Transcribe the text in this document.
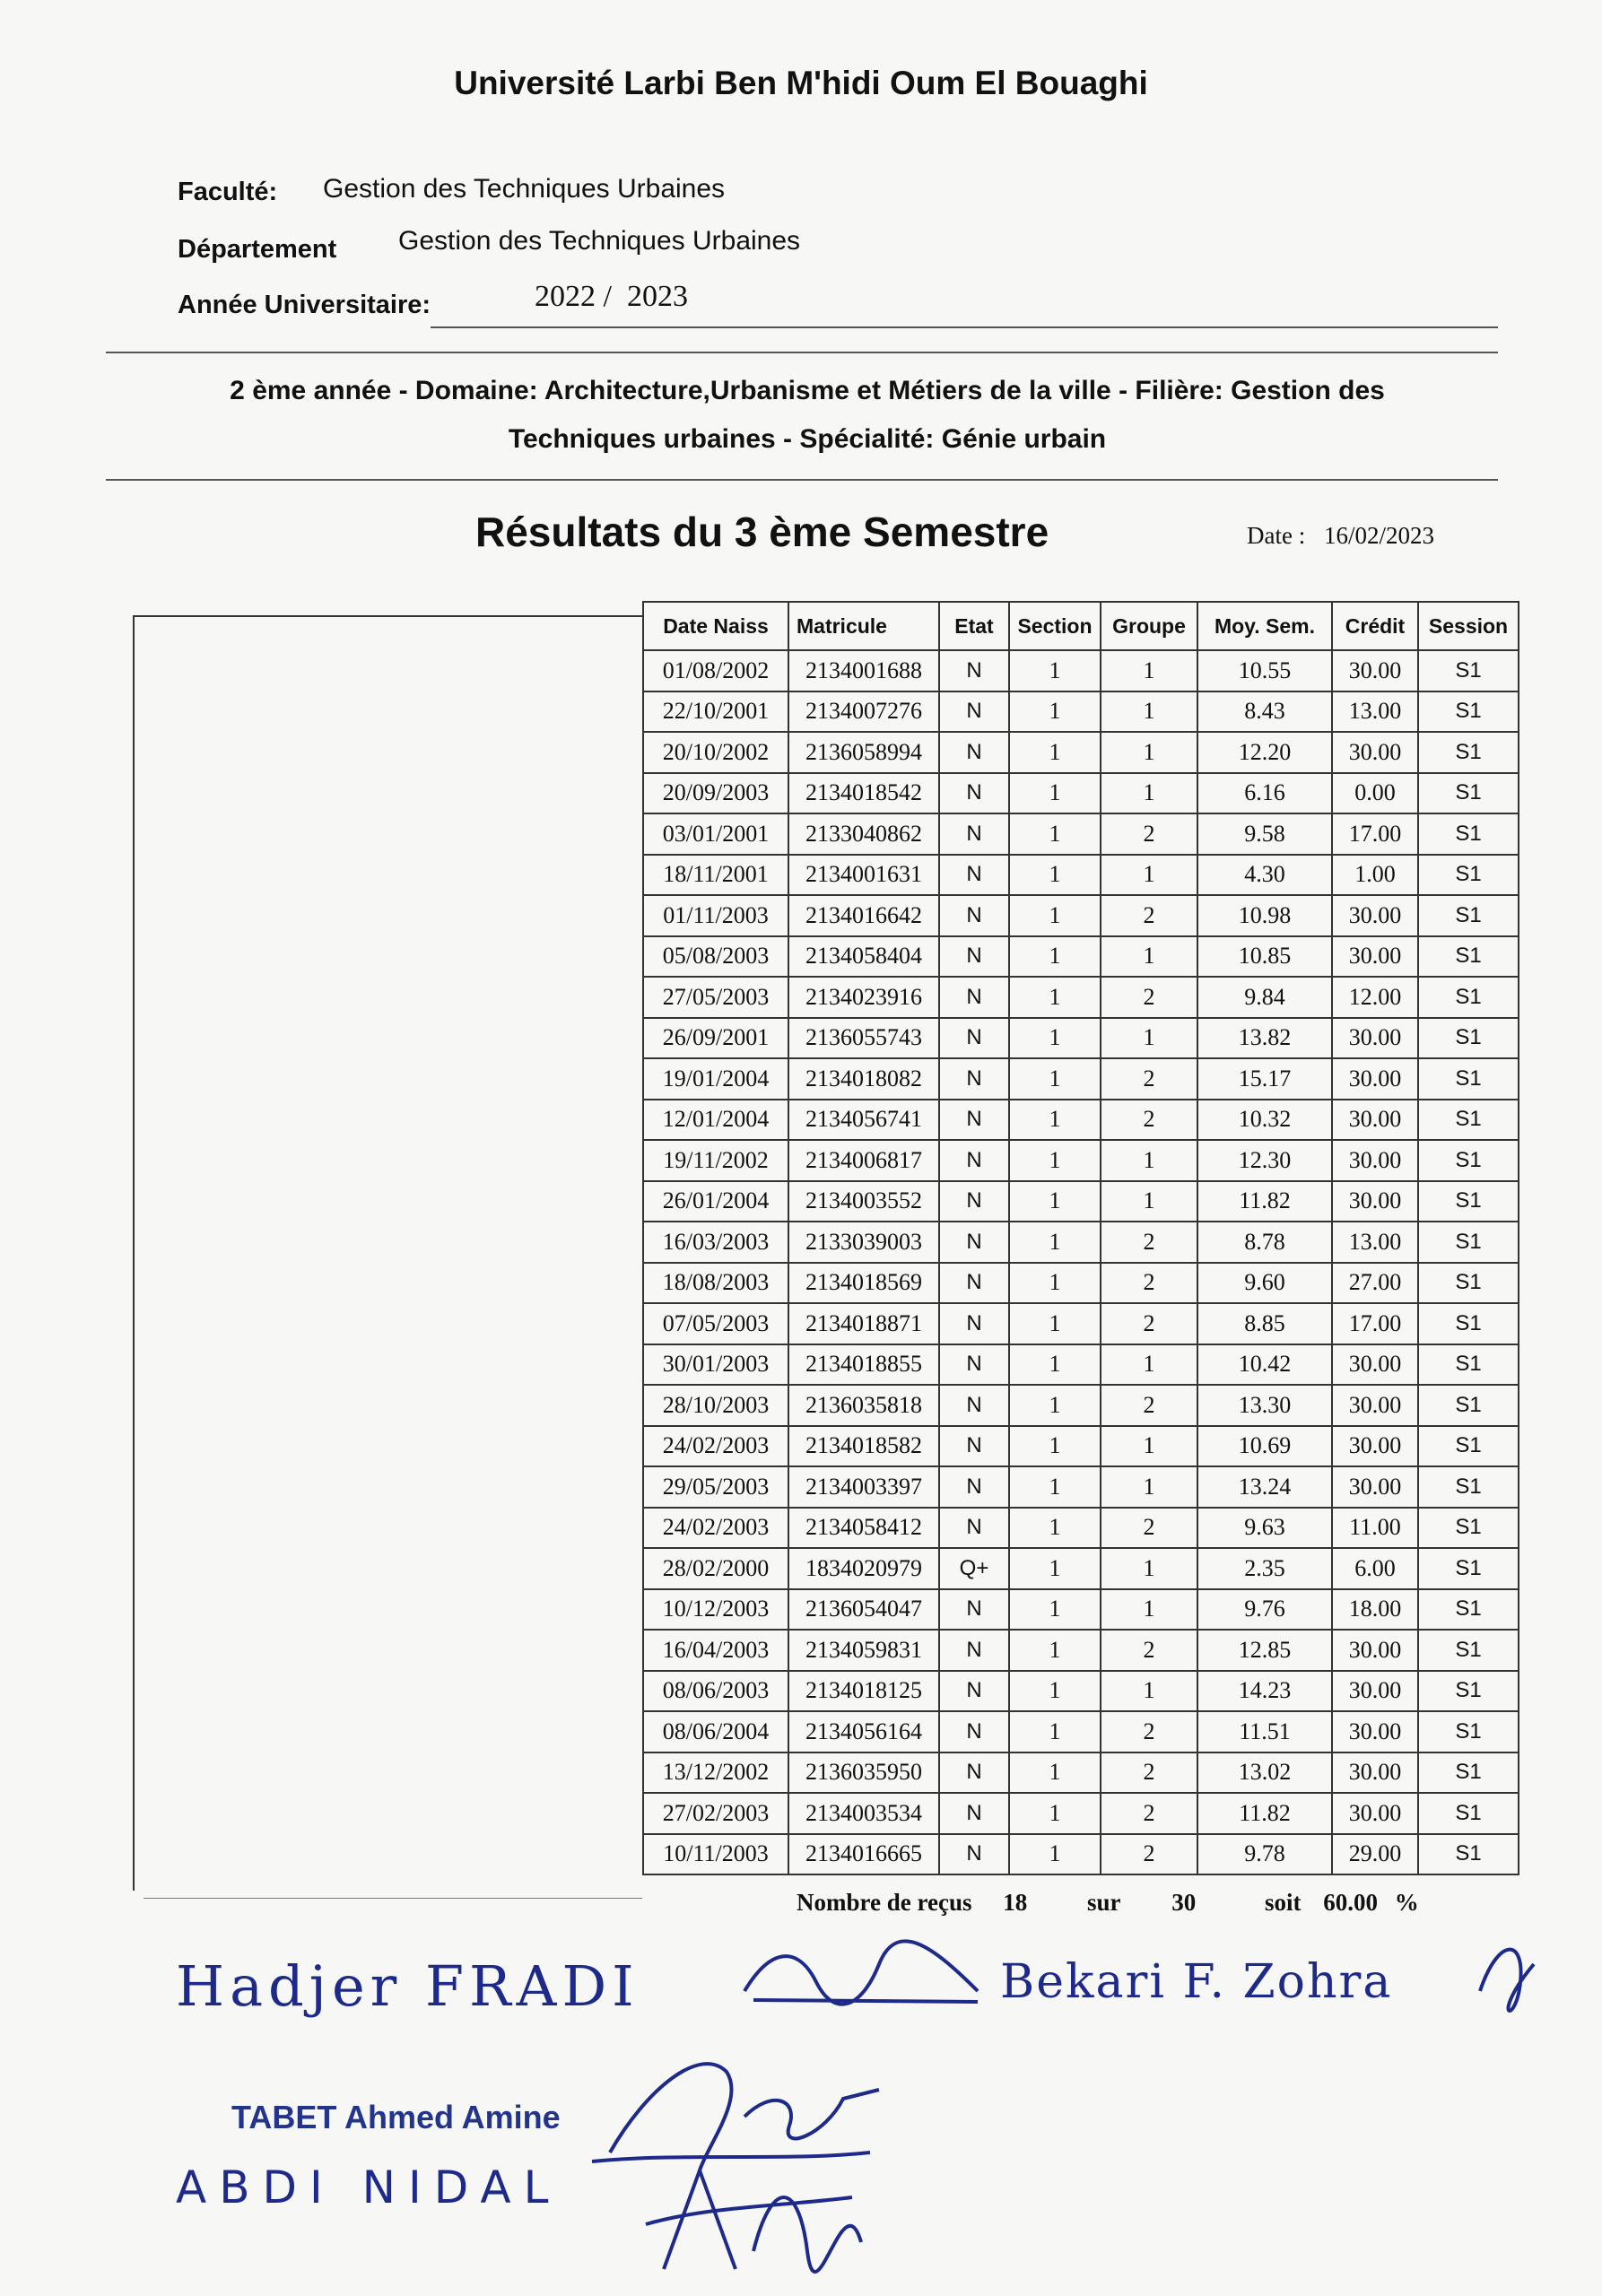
Université Larbi Ben M'hidi Oum El Bouaghi
Faculté: Gestion des Techniques Urbaines
Département Gestion des Techniques Urbaines
Année Universitaire:	2022 /  2023
2 ème année - Domaine: Architecture,Urbanisme et Métiers de la ville - Filière: Gestion des
Techniques urbaines - Spécialité: Génie urbain
Résultats du 3 ème Semestre	Date : 16/02/2023
Date Naiss	Matricule	Etat	Section	Groupe	Moy. Sem.	Crédit	Session
01/08/2002	2134001688	N	1	1	10.55	30.00	S1
22/10/2001	2134007276	N	1	1	8.43	13.00	S1
20/10/2002	2136058994	N	1	1	12.20	30.00	S1
20/09/2003	2134018542	N	1	1	6.16	0.00	S1
03/01/2001	2133040862	N	1	2	9.58	17.00	S1
18/11/2001	2134001631	N	1	1	4.30	1.00	S1
01/11/2003	2134016642	N	1	2	10.98	30.00	S1
05/08/2003	2134058404	N	1	1	10.85	30.00	S1
27/05/2003	2134023916	N	1	2	9.84	12.00	S1
26/09/2001	2136055743	N	1	1	13.82	30.00	S1
19/01/2004	2134018082	N	1	2	15.17	30.00	S1
12/01/2004	2134056741	N	1	2	10.32	30.00	S1
19/11/2002	2134006817	N	1	1	12.30	30.00	S1
26/01/2004	2134003552	N	1	1	11.82	30.00	S1
16/03/2003	2133039003	N	1	2	8.78	13.00	S1
18/08/2003	2134018569	N	1	2	9.60	27.00	S1
07/05/2003	2134018871	N	1	2	8.85	17.00	S1
30/01/2003	2134018855	N	1	1	10.42	30.00	S1
28/10/2003	2136035818	N	1	2	13.30	30.00	S1
24/02/2003	2134018582	N	1	1	10.69	30.00	S1
29/05/2003	2134003397	N	1	1	13.24	30.00	S1
24/02/2003	2134058412	N	1	2	9.63	11.00	S1
28/02/2000	1834020979	Q+	1	1	2.35	6.00	S1
10/12/2003	2136054047	N	1	1	9.76	18.00	S1
16/04/2003	2134059831	N	1	2	12.85	30.00	S1
08/06/2003	2134018125	N	1	1	14.23	30.00	S1
08/06/2004	2134056164	N	1	2	11.51	30.00	S1
13/12/2002	2136035950	N	1	2	13.02	30.00	S1
27/02/2003	2134003534	N	1	2	11.82	30.00	S1
10/11/2003	2134016665	N	1	2	9.78	29.00	S1
Nombre de reçus 18 sur 30	soit 60.00 %
Hadjer FRADI	Bekari F. Zohra
TABET Ahmed Amine
ABDI NIDAL
